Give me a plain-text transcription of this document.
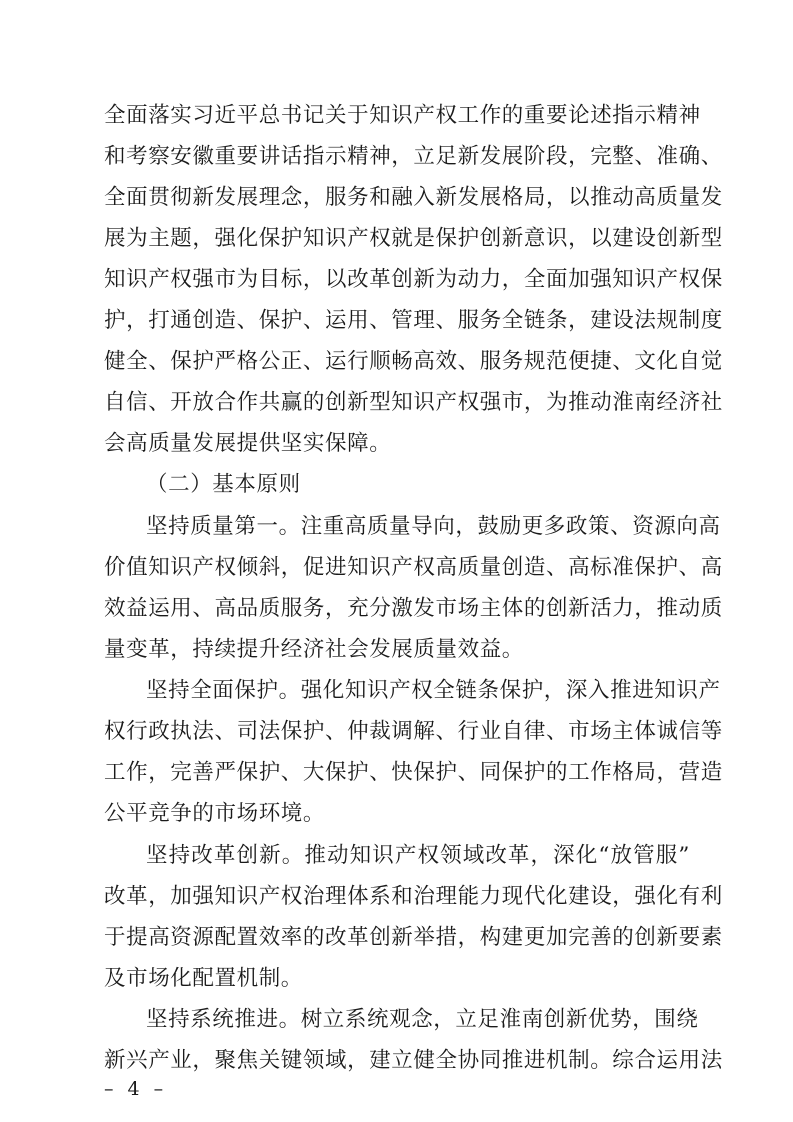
全面落实习近平总书记关于知识产权工作的重要论述指示精神
和考察安徽重要讲话指示精神，立足新发展阶段，完整、准确、
全面贯彻新发展理念，服务和融入新发展格局，以推动高质量发
展为主题，强化保护知识产权就是保护创新意识，以建设创新型
知识产权强市为目标，以改革创新为动力，全面加强知识产权保
护，打通创造、保护、运用、管理、服务全链条，建设法规制度
健全、保护严格公正、运行顺畅高效、服务规范便捷、文化自觉
自信、开放合作共赢的创新型知识产权强市，为推动淮南经济社
会高质量发展提供坚实保障。
（二）基本原则
坚持质量第一。注重高质量导向，鼓励更多政策、资源向高
价值知识产权倾斜，促进知识产权高质量创造、高标准保护、高
效益运用、高品质服务，充分激发市场主体的创新活力，推动质
量变革，持续提升经济社会发展质量效益。
坚持全面保护。强化知识产权全链条保护，深入推进知识产
权行政执法、司法保护、仲裁调解、行业自律、市场主体诚信等
工作，完善严保护、大保护、快保护、同保护的工作格局，营造
公平竞争的市场环境。
坚持改革创新。推动知识产权领域改革，深化“放管服”
改革，加强知识产权治理体系和治理能力现代化建设，强化有利
于提高资源配置效率的改革创新举措，构建更加完善的创新要素
及市场化配置机制。
坚持系统推进。树立系统观念，立足淮南创新优势，围绕
新兴产业，聚焦关键领域，建立健全协同推进机制。综合运用法
– 4 –
